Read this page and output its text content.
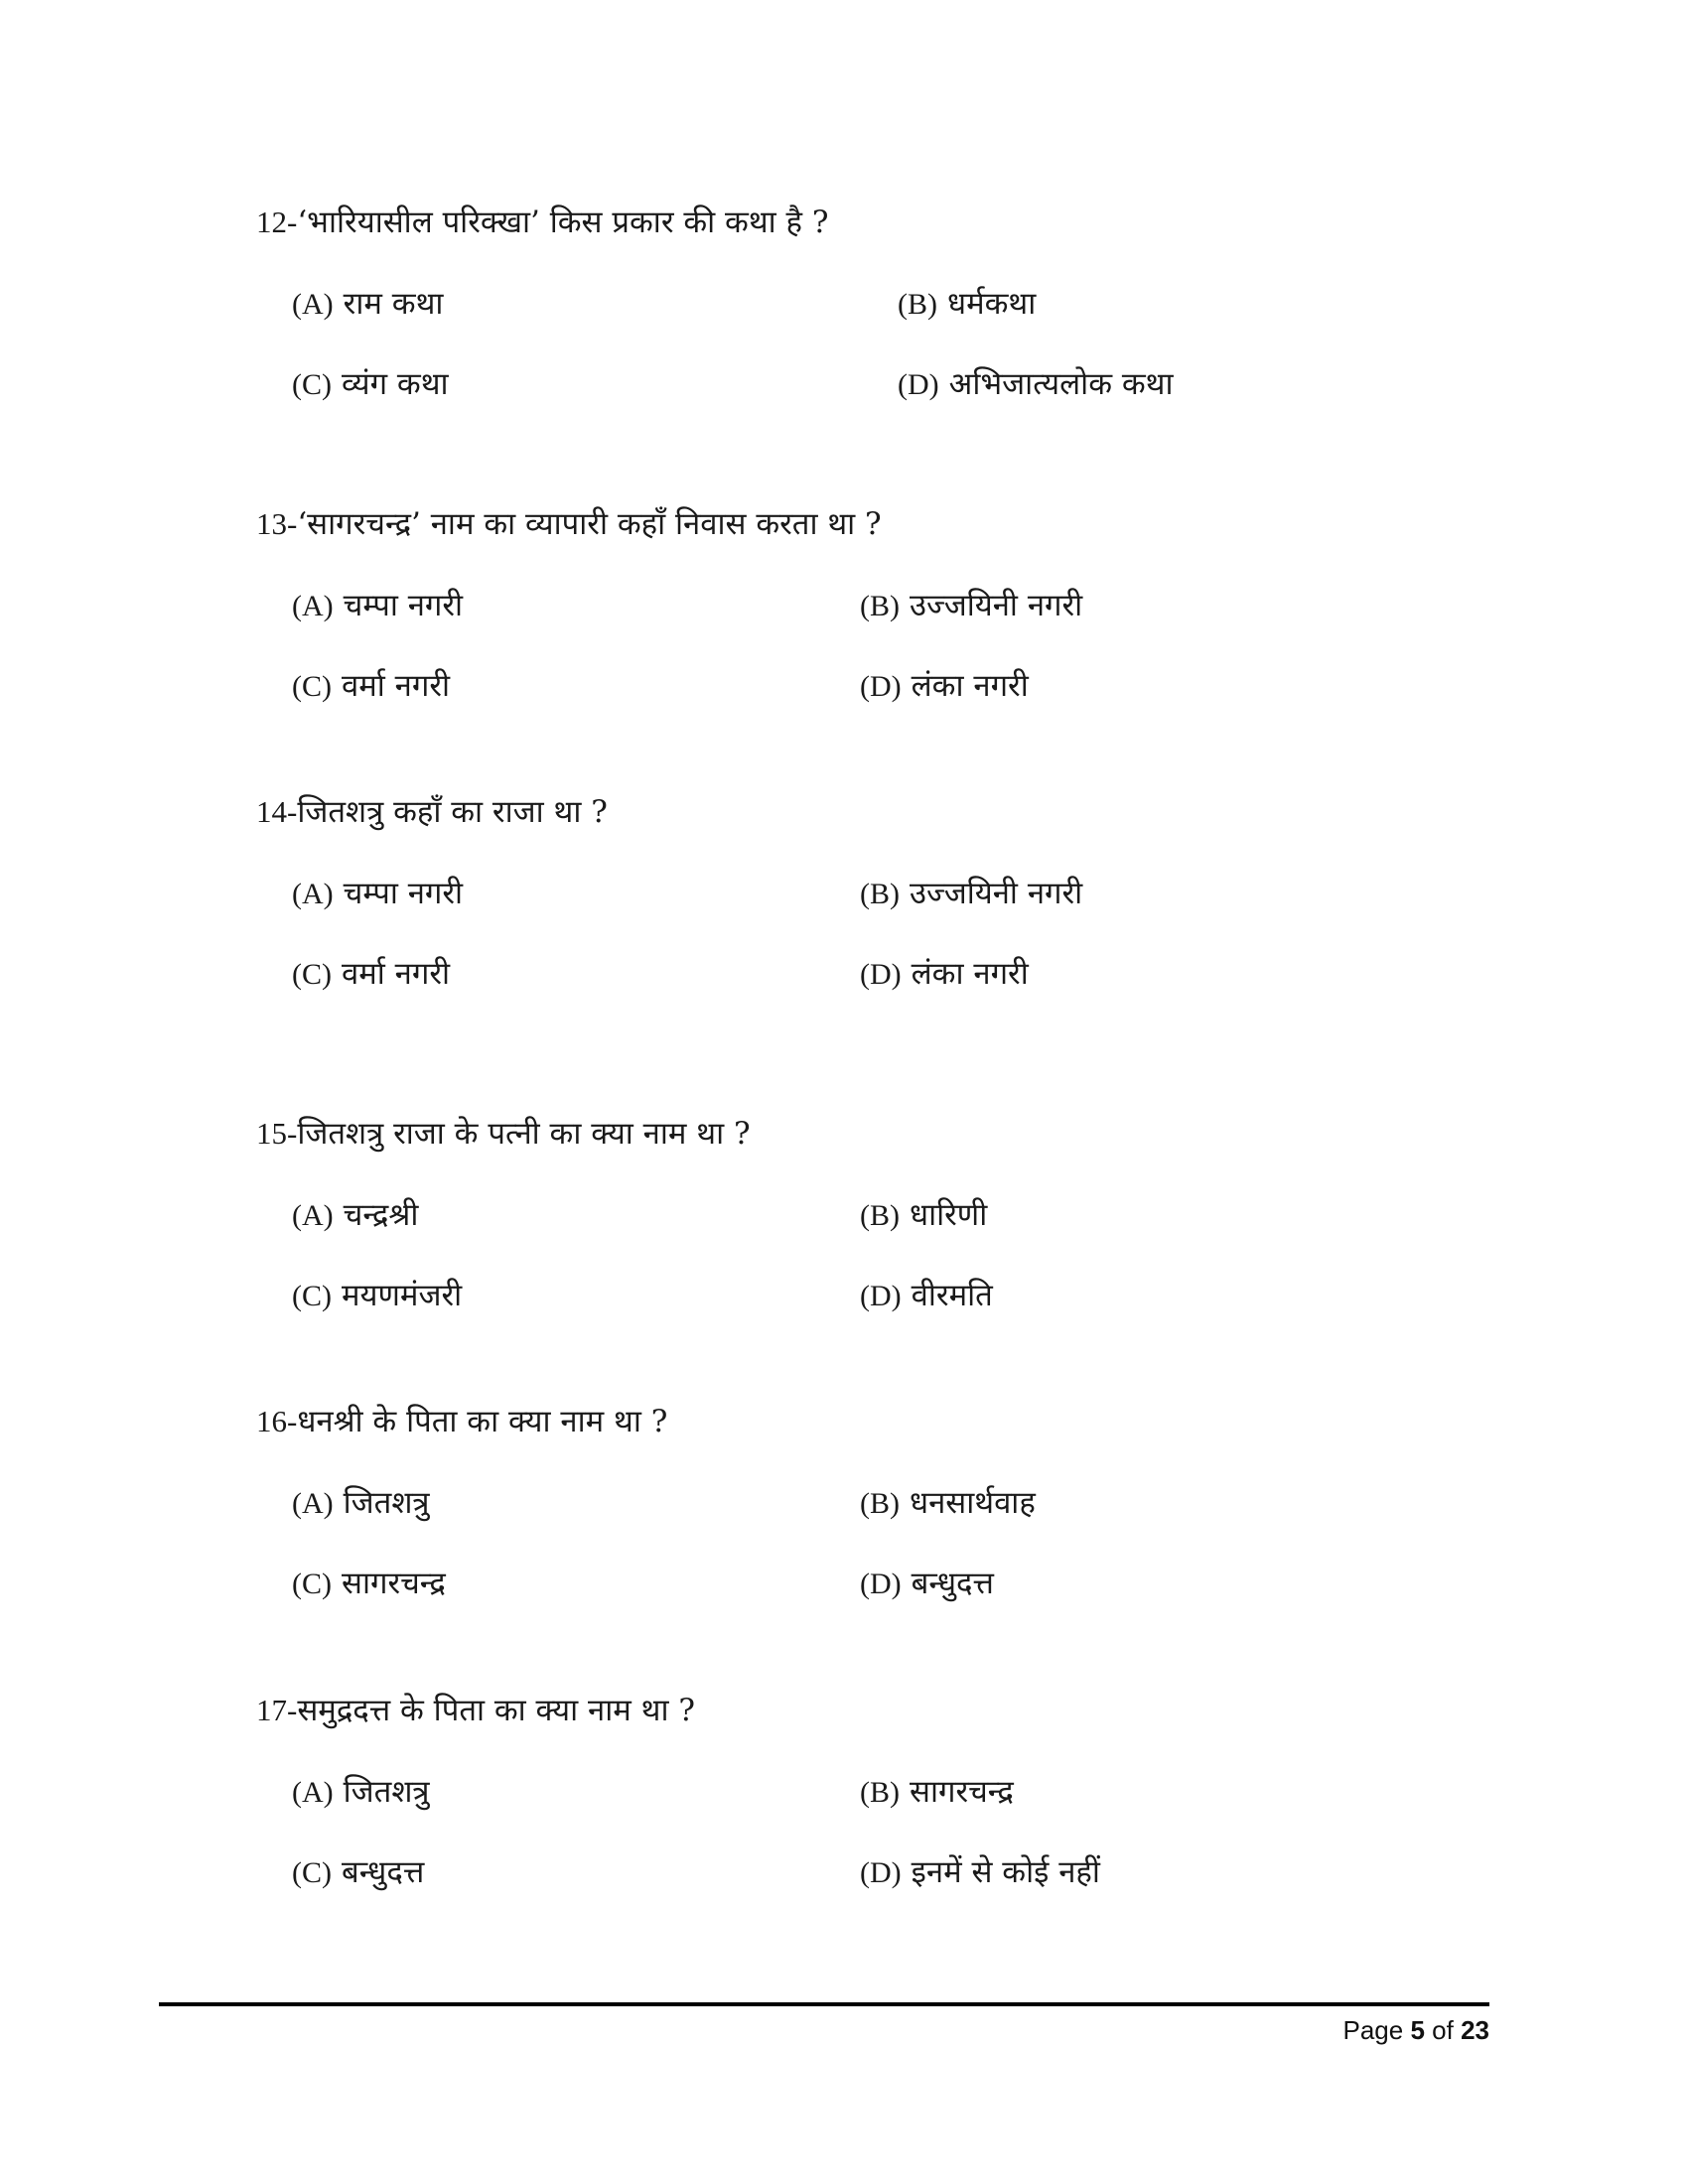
12-‘भारियासील परिक्खा’ किस प्रकार की कथा है ?
(A) राम कथा	(B) धर्मकथा
(C) व्यंग कथा	(D) अभिजात्यलोक कथा
13-‘सागरचन्द्र’ नाम का व्यापारी कहाँ निवास करता था ?
(A) चम्पा नगरी	(B) उज्जयिनी नगरी
(C) वर्मा नगरी	(D) लंका नगरी
14-जितशत्रु कहाँ का राजा था ?
(A) चम्पा नगरी	(B) उज्जयिनी नगरी
(C) वर्मा नगरी	(D) लंका नगरी
15-जितशत्रु राजा के पत्नी का क्या नाम था ?
(A) चन्द्रश्री	(B) धारिणी
(C) मयणमंजरी	(D) वीरमति
16-धनश्री के पिता का क्या नाम था ?
(A) जितशत्रु	(B) धनसार्थवाह
(C) सागरचन्द्र	(D) बन्धुदत्त
17-समुद्रदत्त के पिता का क्या नाम था ?
(A) जितशत्रु	(B) सागरचन्द्र
(C) बन्धुदत्त	(D) इनमें से कोई नहीं
Page 5 of 23
